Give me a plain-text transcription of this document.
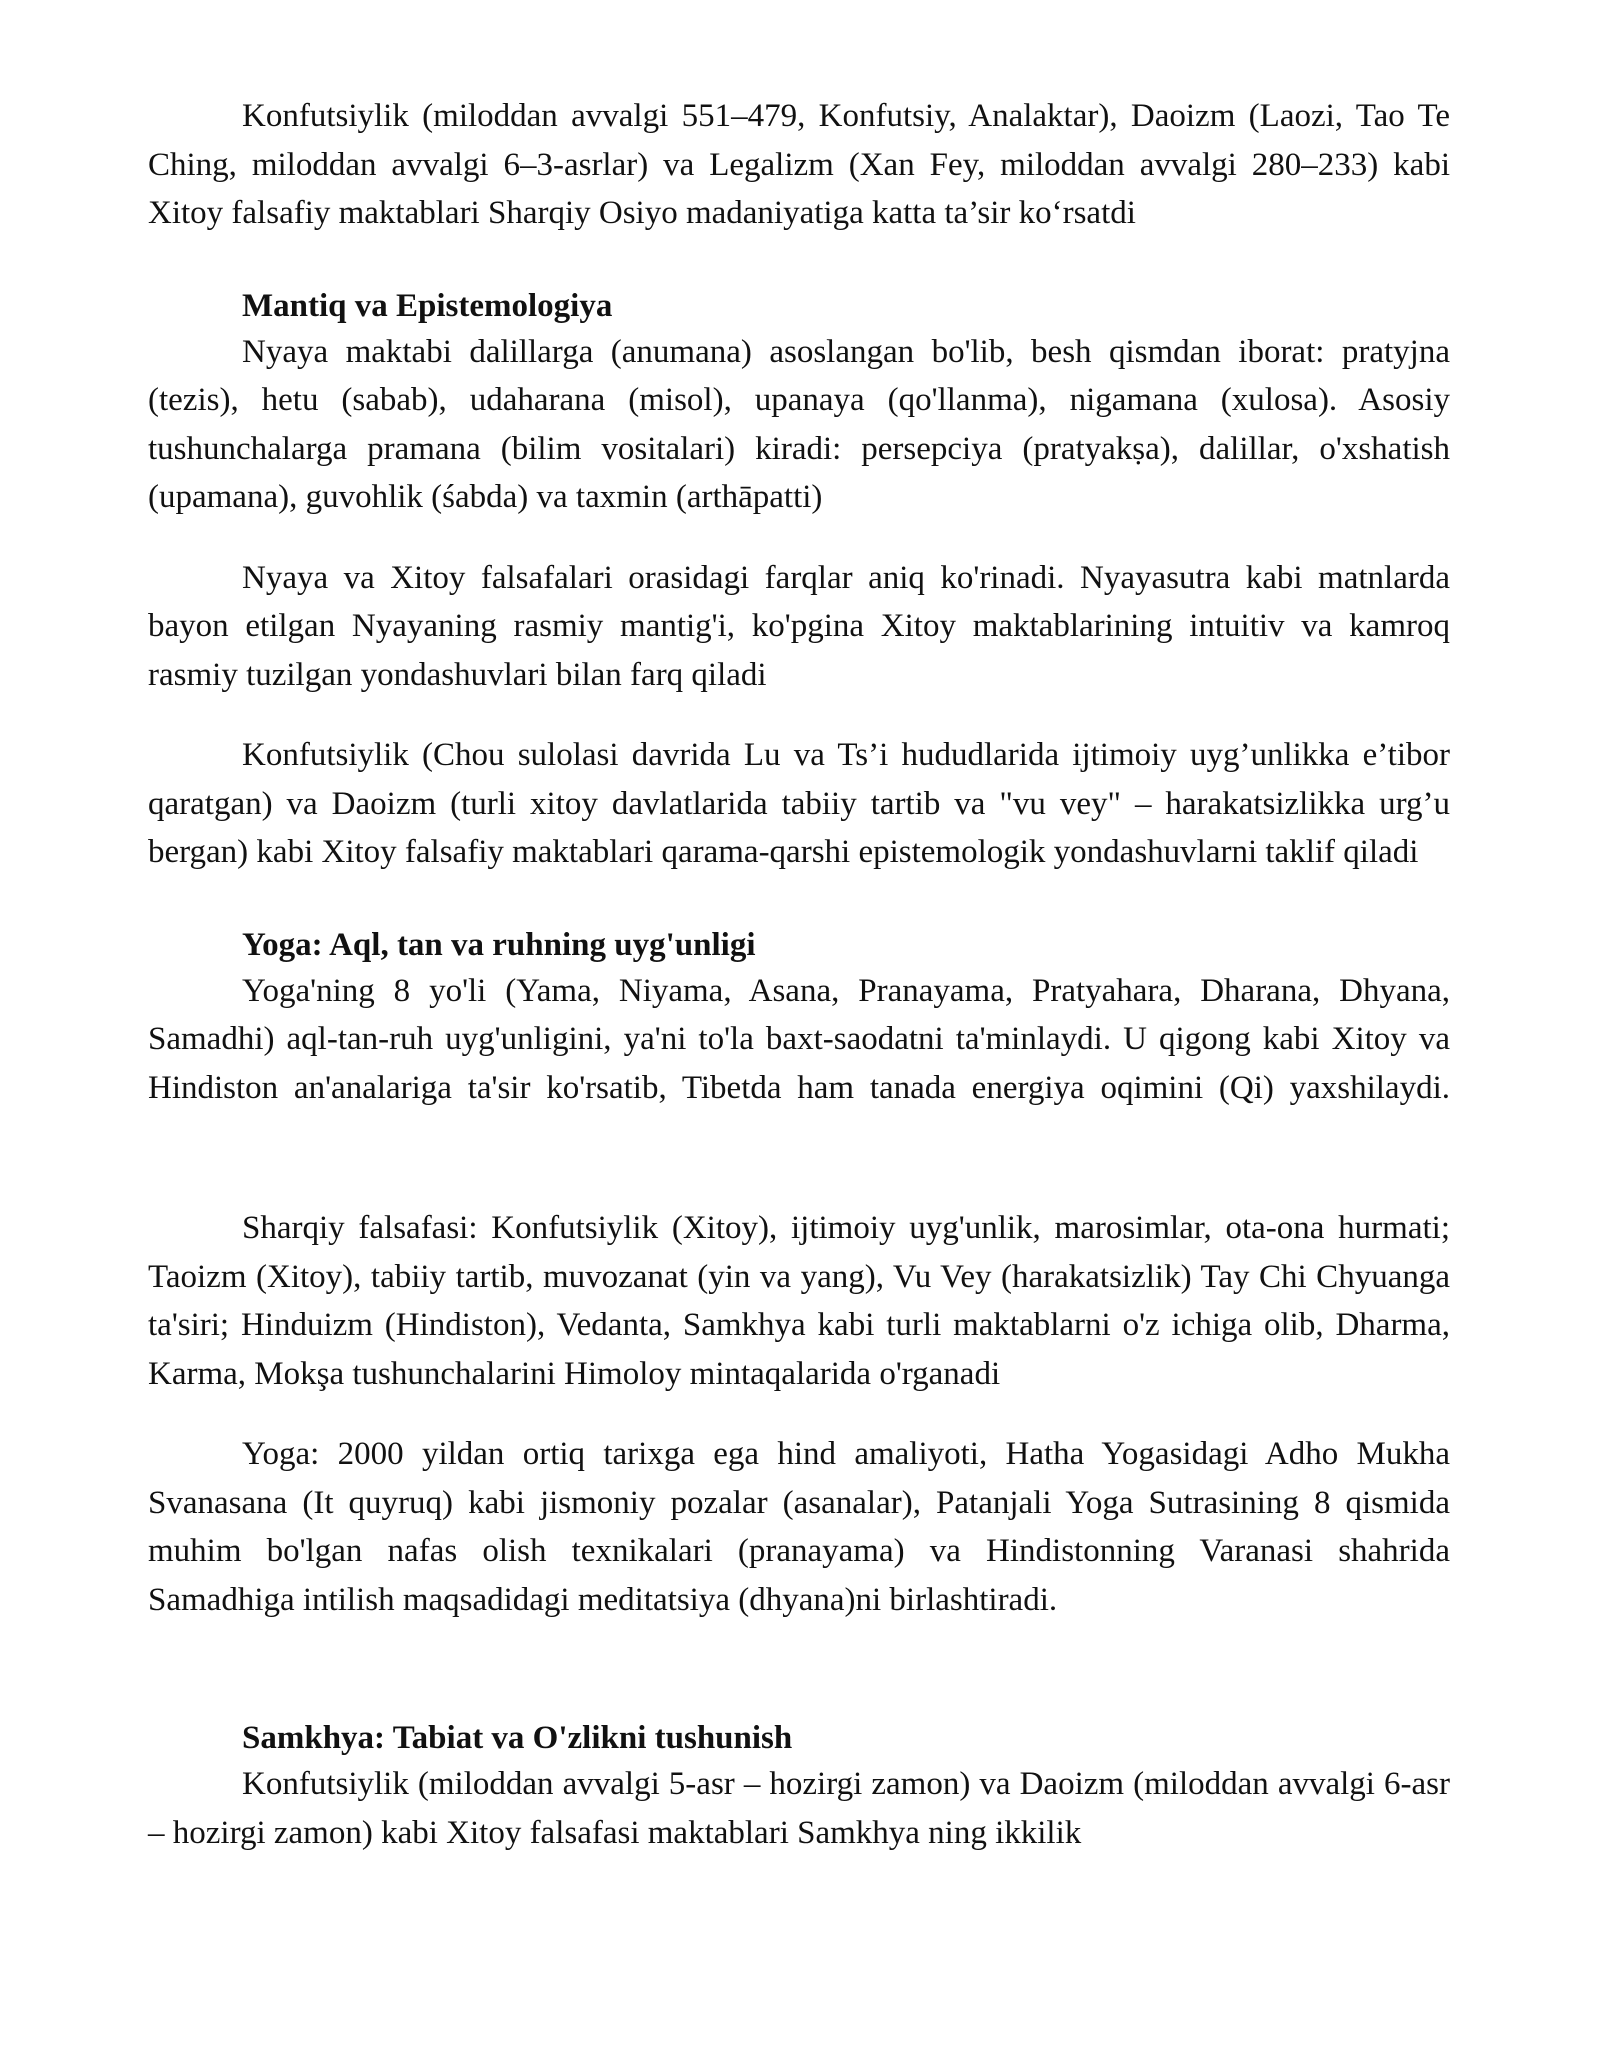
Konfutsiylik (miloddan avvalgi 551–479, Konfutsiy, Analaktar), Daoizm (Laozi, Tao Te Ching, miloddan avvalgi 6–3-asrlar) va Legalizm (Xan Fey, miloddan avvalgi 280–233) kabi Xitoy falsafiy maktablari Sharqiy Osiyo madaniyatiga katta ta’sir koʻrsatdi

Mantiq va Epistemologiya

Nyaya maktabi dalillarga (anumana) asoslangan bo'lib, besh qismdan iborat: pratyjna (tezis), hetu (sabab), udaharana (misol), upanaya (qo'llanma), nigamana (xulosa). Asosiy tushunchalarga pramana (bilim vositalari) kiradi: persepciya (pratyakṣa), dalillar, o'xshatish (upamana), guvohlik (śabda) va taxmin (arthāpatti)

Nyaya va Xitoy falsafalari orasidagi farqlar aniq ko'rinadi. Nyayasutra kabi matnlarda bayon etilgan Nyayaning rasmiy mantig'i, ko'pgina Xitoy maktablarining intuitiv va kamroq rasmiy tuzilgan yondashuvlari bilan farq qiladi

Konfutsiylik (Chou sulolasi davrida Lu va Ts’i hududlarida ijtimoiy uyg’unlikka e’tibor qaratgan) va Daoizm (turli xitoy davlatlarida tabiiy tartib va "vu vey" – harakatsizlikka urg’u bergan) kabi Xitoy falsafiy maktablari qarama-qarshi epistemologik yondashuvlarni taklif qiladi

Yoga: Aql, tan va ruhning uyg'unligi

Yoga'ning 8 yo'li (Yama, Niyama, Asana, Pranayama, Pratyahara, Dharana, Dhyana, Samadhi) aql-tan-ruh uyg'unligini, ya'ni to'la baxt-saodatni ta'minlaydi. U qigong kabi Xitoy va Hindiston an'analariga ta'sir ko'rsatib, Tibetda ham tanada energiya oqimini (Qi) yaxshilaydi.

Sharqiy falsafasi: Konfutsiylik (Xitoy), ijtimoiy uyg'unlik, marosimlar, ota-ona hurmati; Taoizm (Xitoy), tabiiy tartib, muvozanat (yin va yang), Vu Vey (harakatsizlik) Tay Chi Chyuanga ta'siri; Hinduizm (Hindiston), Vedanta, Samkhya kabi turli maktablarni o'z ichiga olib, Dharma, Karma, Mokşa tushunchalarini Himoloy mintaqalarida o'rganadi

Yoga: 2000 yildan ortiq tarixga ega hind amaliyoti, Hatha Yogasidagi Adho Mukha Svanasana (It quyruq) kabi jismoniy pozalar (asanalar), Patanjali Yoga Sutrasining 8 qismida muhim bo'lgan nafas olish texnikalari (pranayama) va Hindistonning Varanasi shahrida Samadhiga intilish maqsadidagi meditatsiya (dhyana)ni birlashtiradi.

Samkhya: Tabiat va O'zlikni tushunish

Konfutsiylik (miloddan avvalgi 5-asr – hozirgi zamon) va Daoizm (miloddan avvalgi 6-asr – hozirgi zamon) kabi Xitoy falsafasi maktablari Samkhya ning ikkilik
